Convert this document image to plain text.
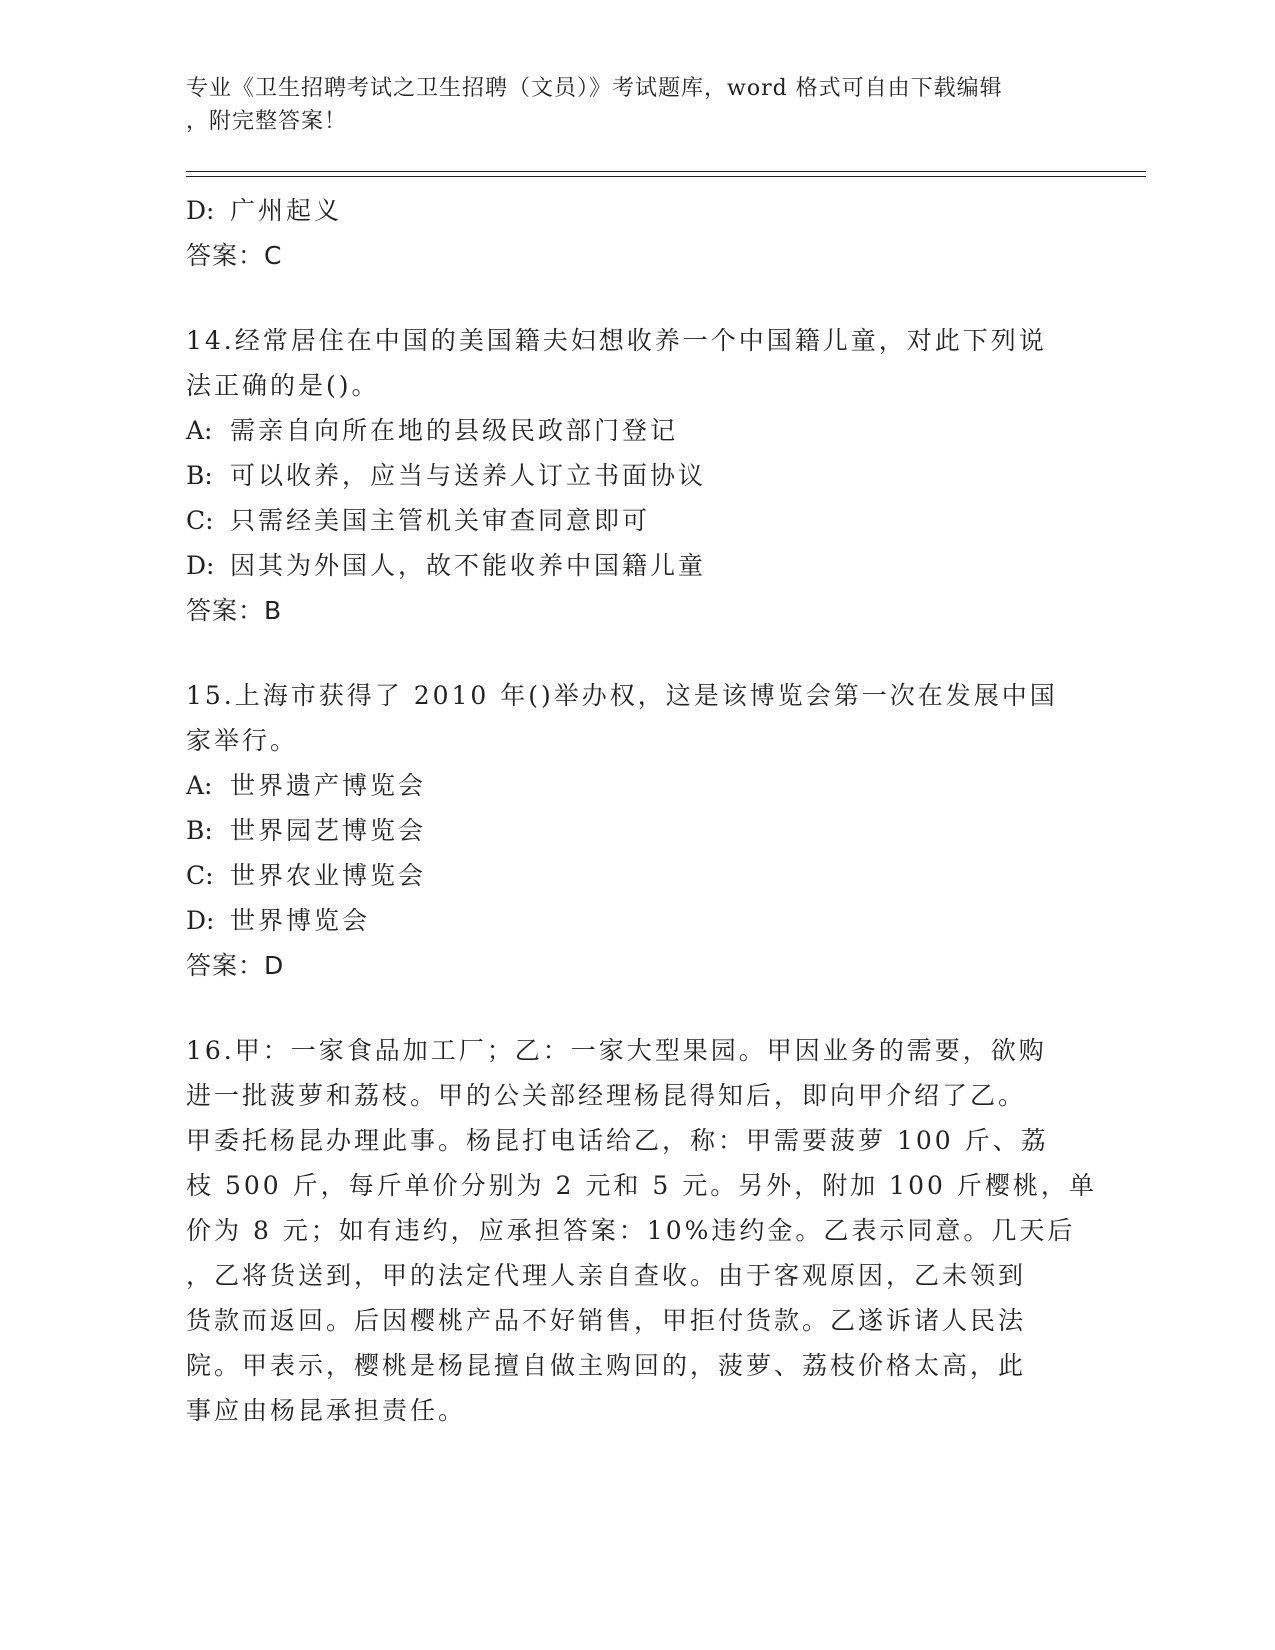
专业《卫生招聘考试之卫生招聘（文员）》考试题库，word 格式可自由下载编辑
，附完整答案！
D: 广州起义
答案：C
14.经常居住在中国的美国籍夫妇想收养一个中国籍儿童，对此下列说
法正确的是()。
A: 需亲自向所在地的县级民政部门登记
B: 可以收养，应当与送养人订立书面协议
C: 只需经美国主管机关审查同意即可
D: 因其为外国人，故不能收养中国籍儿童
答案：B
15.上海市获得了 2010 年()举办权，这是该博览会第一次在发展中国
家举行。
A: 世界遗产博览会
B: 世界园艺博览会
C: 世界农业博览会
D: 世界博览会
答案：D
16.甲：一家食品加工厂；乙：一家大型果园。甲因业务的需要，欲购
进一批菠萝和荔枝。甲的公关部经理杨昆得知后，即向甲介绍了乙。
甲委托杨昆办理此事。杨昆打电话给乙，称：甲需要菠萝 100 斤、荔
枝 500 斤，每斤单价分别为 2 元和 5 元。另外，附加 100 斤樱桃，单
价为 8 元；如有违约，应承担答案：10%违约金。乙表示同意。几天后
，乙将货送到，甲的法定代理人亲自查收。由于客观原因，乙未领到
货款而返回。后因樱桃产品不好销售，甲拒付货款。乙遂诉诸人民法
院。甲表示，樱桃是杨昆擅自做主购回的，菠萝、荔枝价格太高，此
事应由杨昆承担责任。
